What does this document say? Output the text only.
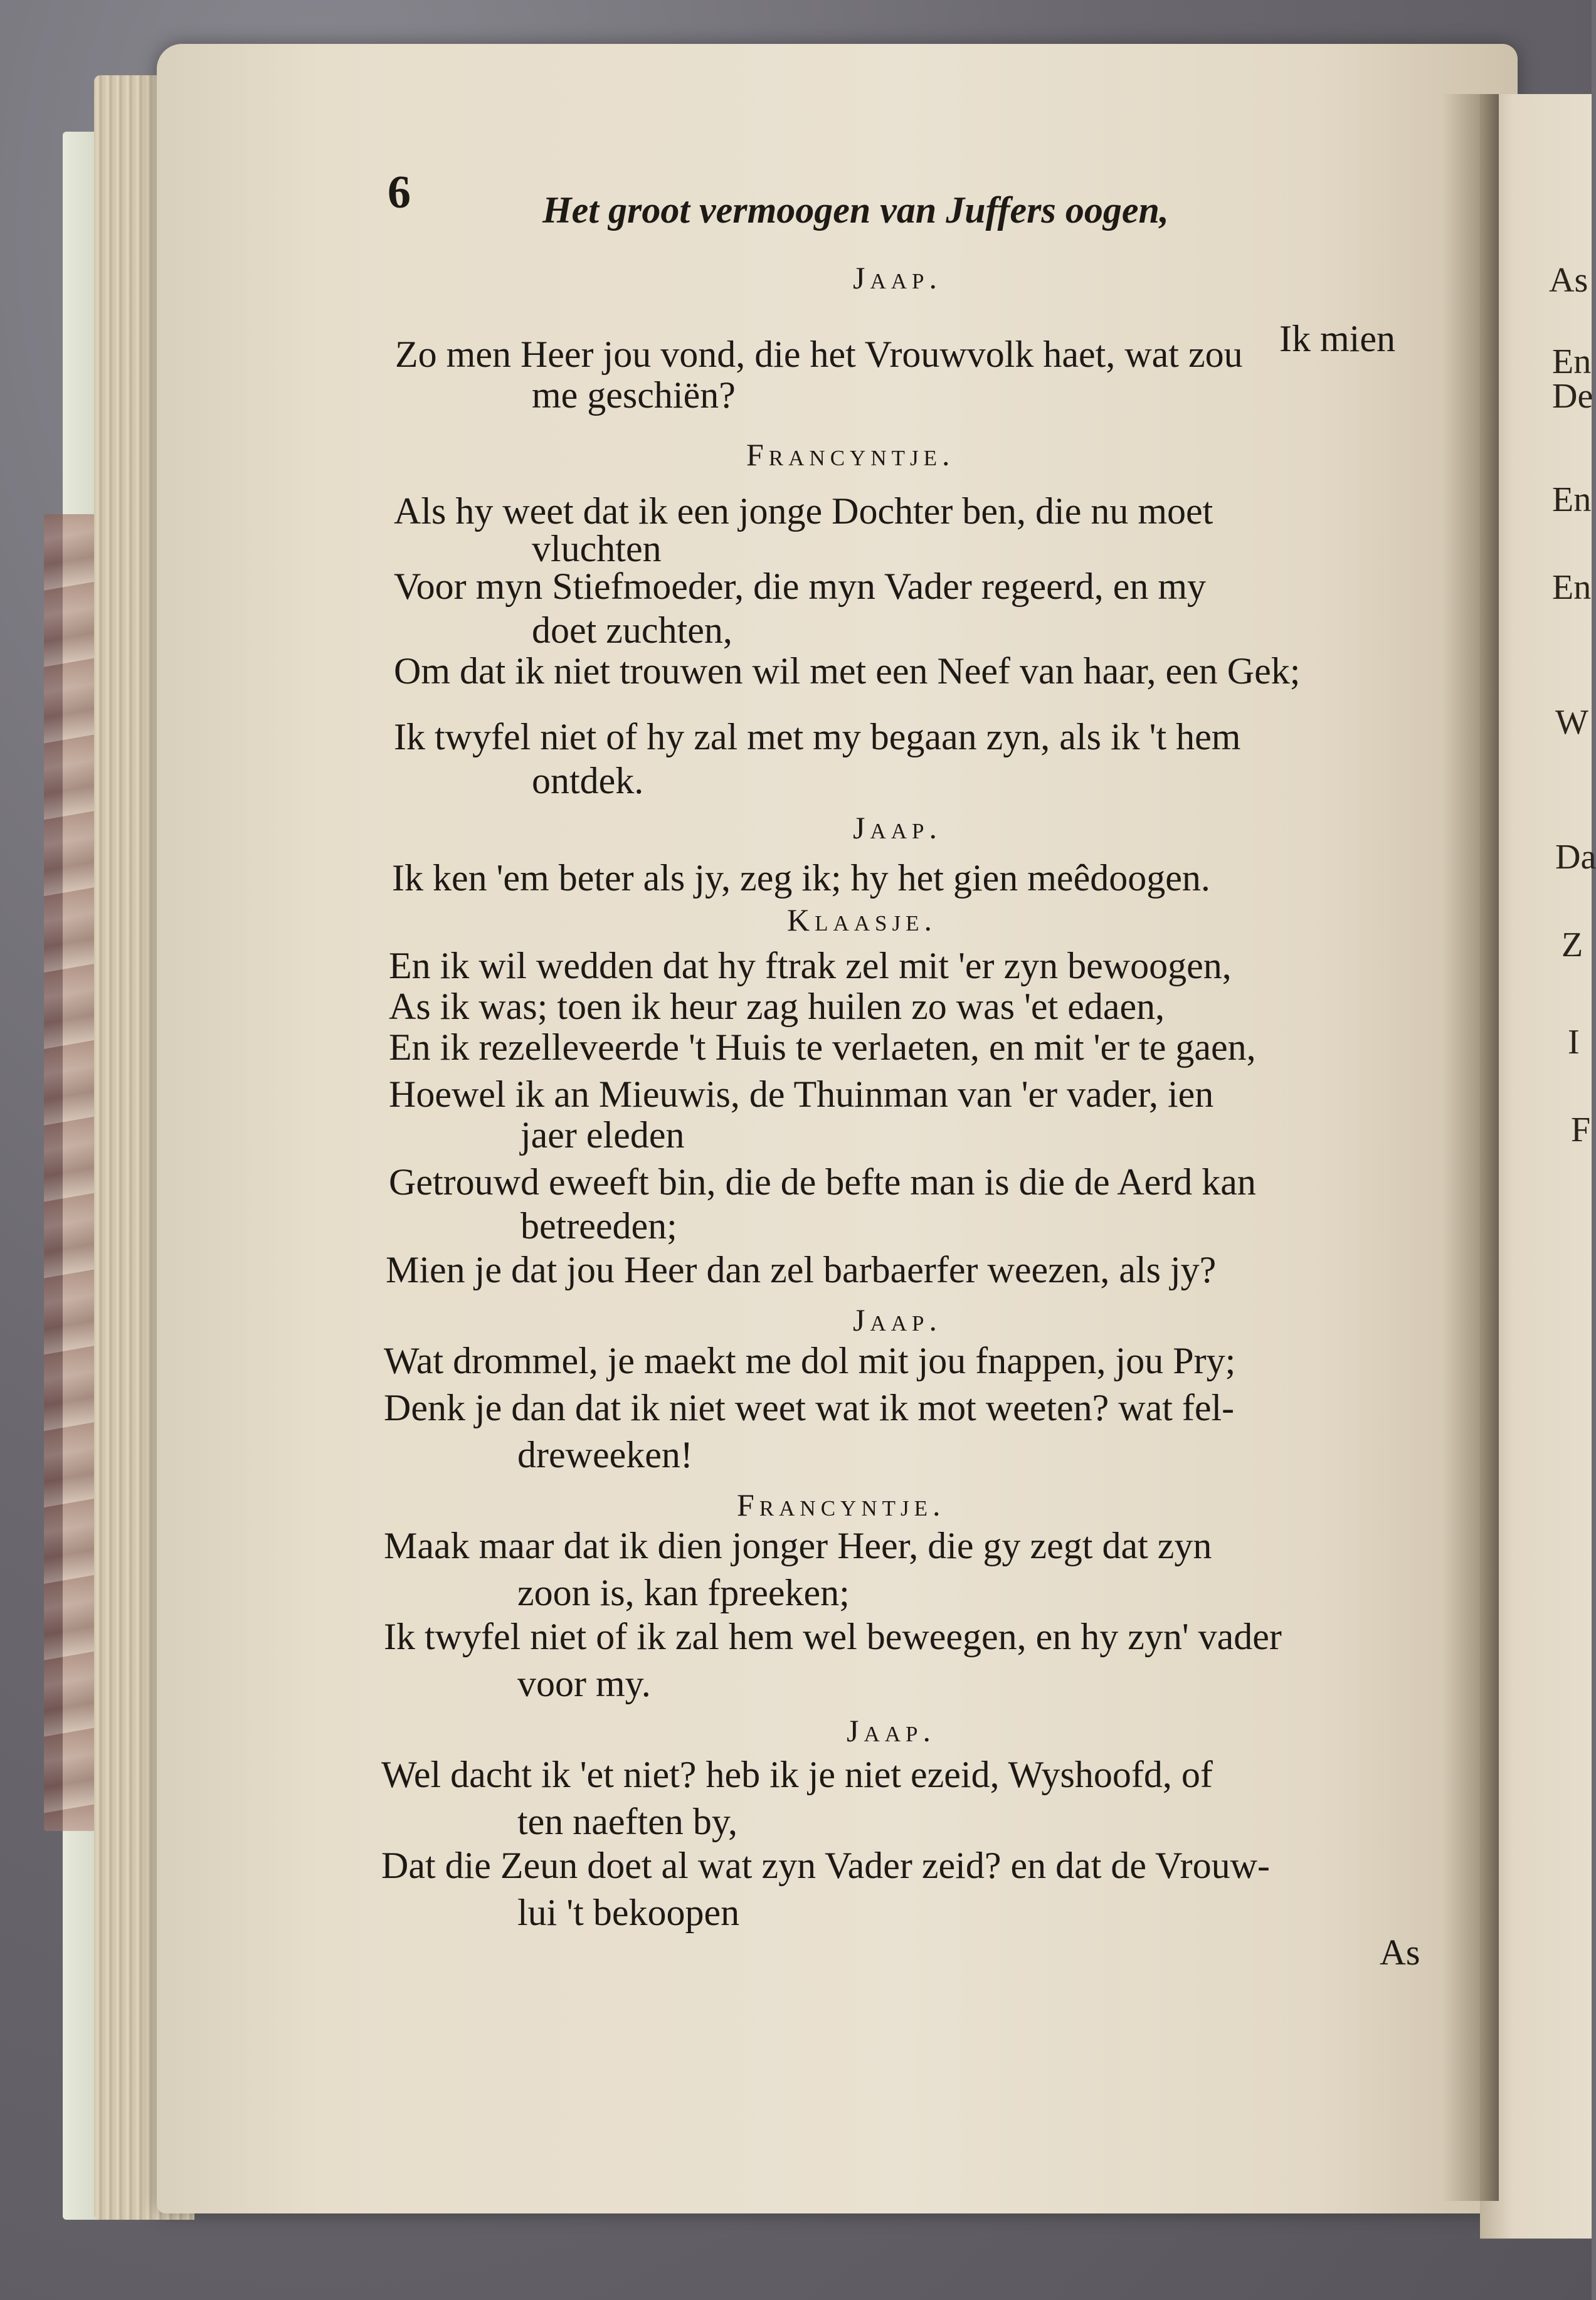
6	Het groot vermoogen van Juffers oogen,
Jaap.
Ik mien
Zo men Heer jou vond, die het Vrouwvolk haet, wat zou
me geschiën?
Francyntje.
Als hy weet dat ik een jonge Dochter ben, die nu moet
vluchten
Voor myn Stiefmoeder, die myn Vader regeerd, en my
doet zuchten,
Om dat ik niet trouwen wil met een Neef van haar, een Gek;
Ik twyfel niet of hy zal met my begaan zyn, als ik 't hem
ontdek.
Jaap.
Ik ken 'em beter als jy, zeg ik; hy het gien meêdoogen.
Klaasje.
En ik wil wedden dat hy ftrak zel mit 'er zyn bewoogen,
As ik was; toen ik heur zag huilen zo was 'et edaen,
En ik rezelleveerde 't Huis te verlaeten, en mit 'er te gaen,
Hoewel ik an Mieuwis, de Thuinman van 'er vader, ien
jaer eleden
Getrouwd eweeft bin, die de befte man is die de Aerd kan
betreeden;
Mien je dat jou Heer dan zel barbaerfer weezen, als jy?
Jaap.
Wat drommel, je maekt me dol mit jou fnappen, jou Pry;
Denk je dan dat ik niet weet wat ik mot weeten? wat fel-
dreweeken!
Francyntje.
Maak maar dat ik dien jonger Heer, die gy zegt dat zyn
zoon is, kan fpreeken;
Ik twyfel niet of ik zal hem wel beweegen, en hy zyn' vader
voor my.
Jaap.
Wel dacht ik 'et niet? heb ik je niet ezeid, Wyshoofd, of
ten naeften by,
Dat die Zeun doet al wat zyn Vader zeid? en dat de Vrouw-
lui 't bekoopen
As
As
En
De
En
En
W
Da
Z
I
F
